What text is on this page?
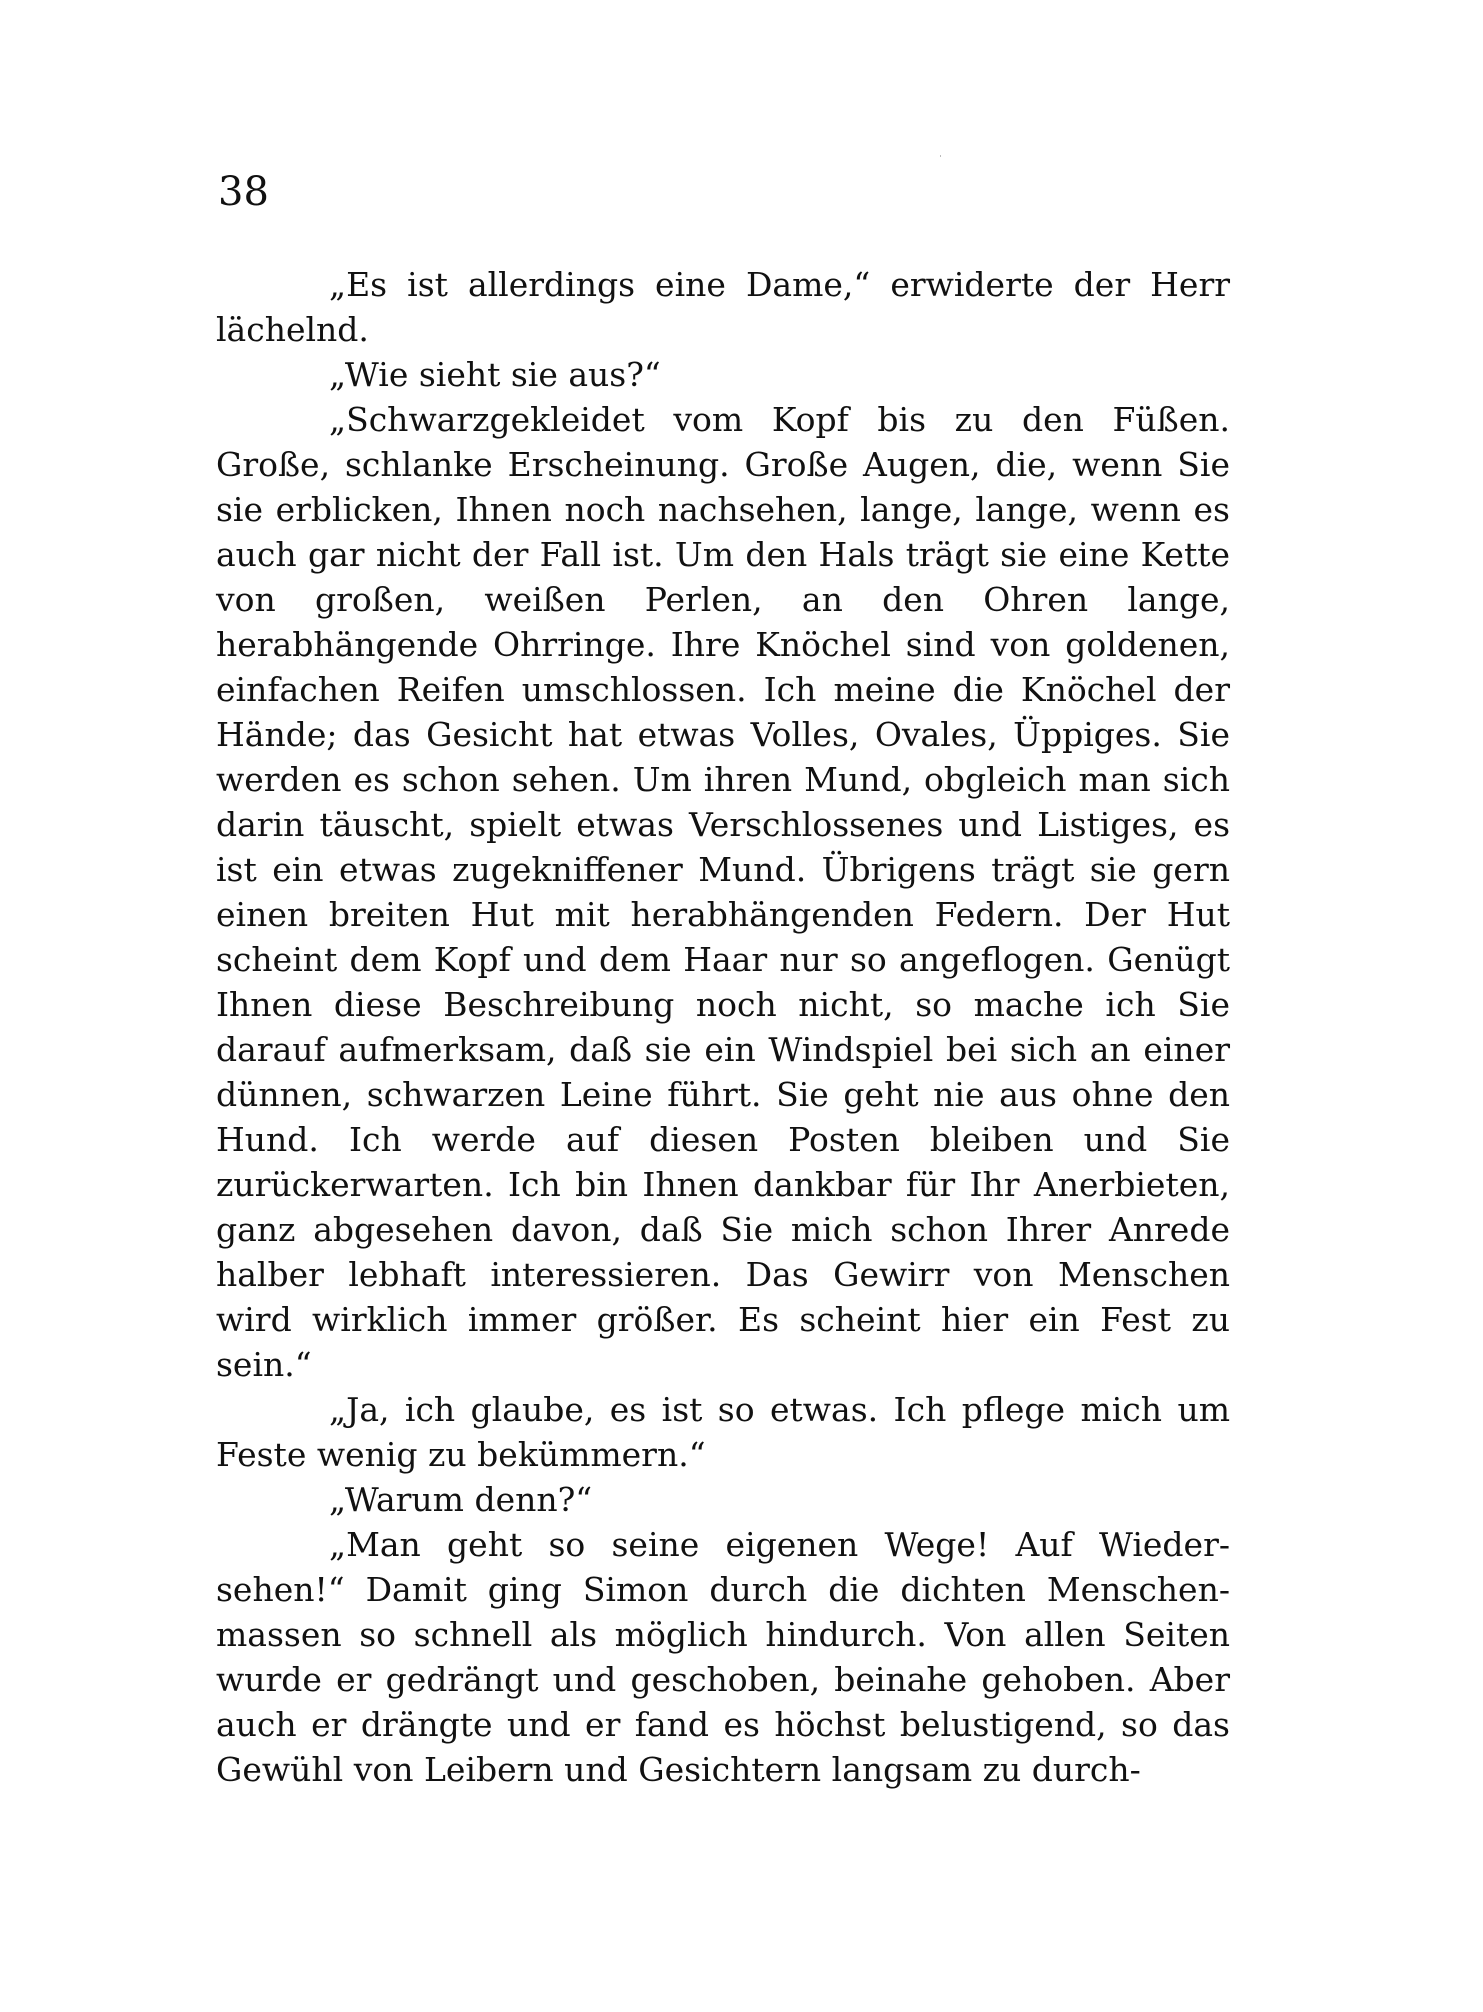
38

„Es ist allerdings eine Dame,“ erwiderte der Herr lächelnd.

„Wie sieht sie aus?“

„Schwarzgekleidet vom Kopf bis zu den Füßen. Große, schlanke Erscheinung. Große Augen, die, wenn Sie sie erblicken, Ihnen noch nachsehen, lange, lange, wenn es auch gar nicht der Fall ist. Um den Hals trägt sie eine Kette von großen, weißen Perlen, an den Ohren lange, herabhängende Ohrringe. Ihre Knöchel sind von goldenen, einfachen Reifen umschlossen. Ich meine die Knöchel der Hände; das Gesicht hat etwas Volles, Ovales, Üppiges. Sie werden es schon sehen. Um ihren Mund, obgleich man sich darin täuscht, spielt etwas Verschlossenes und Listiges, es ist ein etwas zugekniffener Mund. Übrigens trägt sie gern einen breiten Hut mit herabhängenden Federn. Der Hut scheint dem Kopf und dem Haar nur so angeflogen. Genügt Ihnen diese Beschreibung noch nicht, so mache ich Sie darauf aufmerksam, daß sie ein Windspiel bei sich an einer dünnen, schwarzen Leine führt. Sie geht nie aus ohne den Hund. Ich werde auf diesen Posten bleiben und Sie zurückerwarten. Ich bin Ihnen dankbar für Ihr Anerbieten, ganz abgesehen davon, daß Sie mich schon Ihrer Anrede halber lebhaft interessieren. Das Gewirr von Menschen wird wirklich immer größer. Es scheint hier ein Fest zu sein.“

„Ja, ich glaube, es ist so etwas. Ich pflege mich um Feste wenig zu bekümmern.“

„Warum denn?“

„Man geht so seine eigenen Wege! Auf Wiedersehen!“ Damit ging Simon durch die dichten Menschenmassen so schnell als möglich hindurch. Von allen Seiten wurde er gedrängt und geschoben, beinahe gehoben. Aber auch er drängte und er fand es höchst belustigend, so das Gewühl von Leibern und Gesichtern langsam zu durch-
